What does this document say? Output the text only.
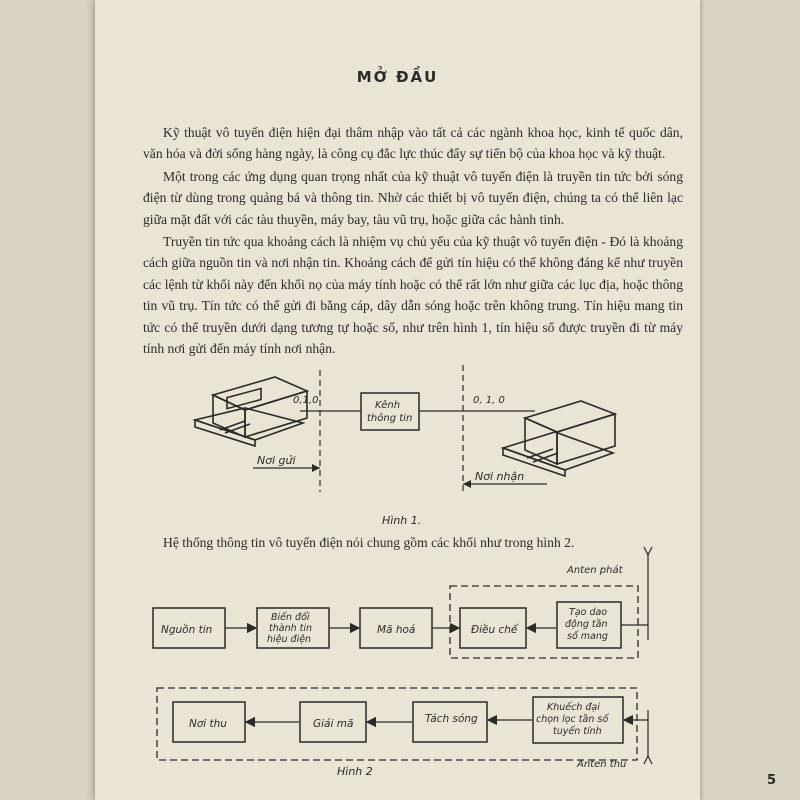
MỞ ĐẦU

Kỹ thuật vô tuyến điện hiện đại thâm nhập vào tất cả các ngành khoa học, kinh tế quốc dân, văn hóa và đời sống hàng ngày, là công cụ đắc lực thúc đẩy sự tiến bộ của khoa học và kỹ thuật.

Một trong các ứng dụng quan trọng nhất của kỹ thuật vô tuyến điện là truyền tin tức bởi sóng điện từ dùng trong quảng bá và thông tin. Nhờ các thiết bị vô tuyến điện, chúng ta có thể liên lạc giữa mặt đất với các tàu thuyền, máy bay, tàu vũ trụ, hoặc giữa các hành tinh.

Truyền tin tức qua khoảng cách là nhiệm vụ chủ yếu của kỹ thuật vô tuyến điện - Đó là khoảng cách giữa nguồn tin và nơi nhận tin. Khoảng cách để gửi tín hiệu có thể không đáng kể như truyền các lệnh từ khối này đến khối nọ của máy tính hoặc có thể rất lớn như giữa các lục địa, hoặc thông tin vũ trụ. Tín tức có thể gửi đi bằng cáp, dây dẫn sóng hoặc trên không trung. Tín hiệu mang tin tức có thể truyền dưới dạng tương tự hoặc số, như trên hình 1, tín hiệu số được truyền đi từ máy tính nơi gửi đến máy tính nơi nhận.

0,1,0	Kênh
thông tin
0, 1, 0
Nơi gửi
Nơi nhận
Hình 1.
Hệ thống thông tin vô tuyến điện nói chung gồm các khối như trong hình 2.
Anten phát
Nguồn tin
Biến đổi
thành tin
hiệu điện
Mã hoá	Điều chế
Tạo dao
động tần
số mang
Anten thu
Nơi thu	Giải mã	Tách sóng
Khuếch đại
chọn lọc tần số
tuyến tính
Hình 2
5
